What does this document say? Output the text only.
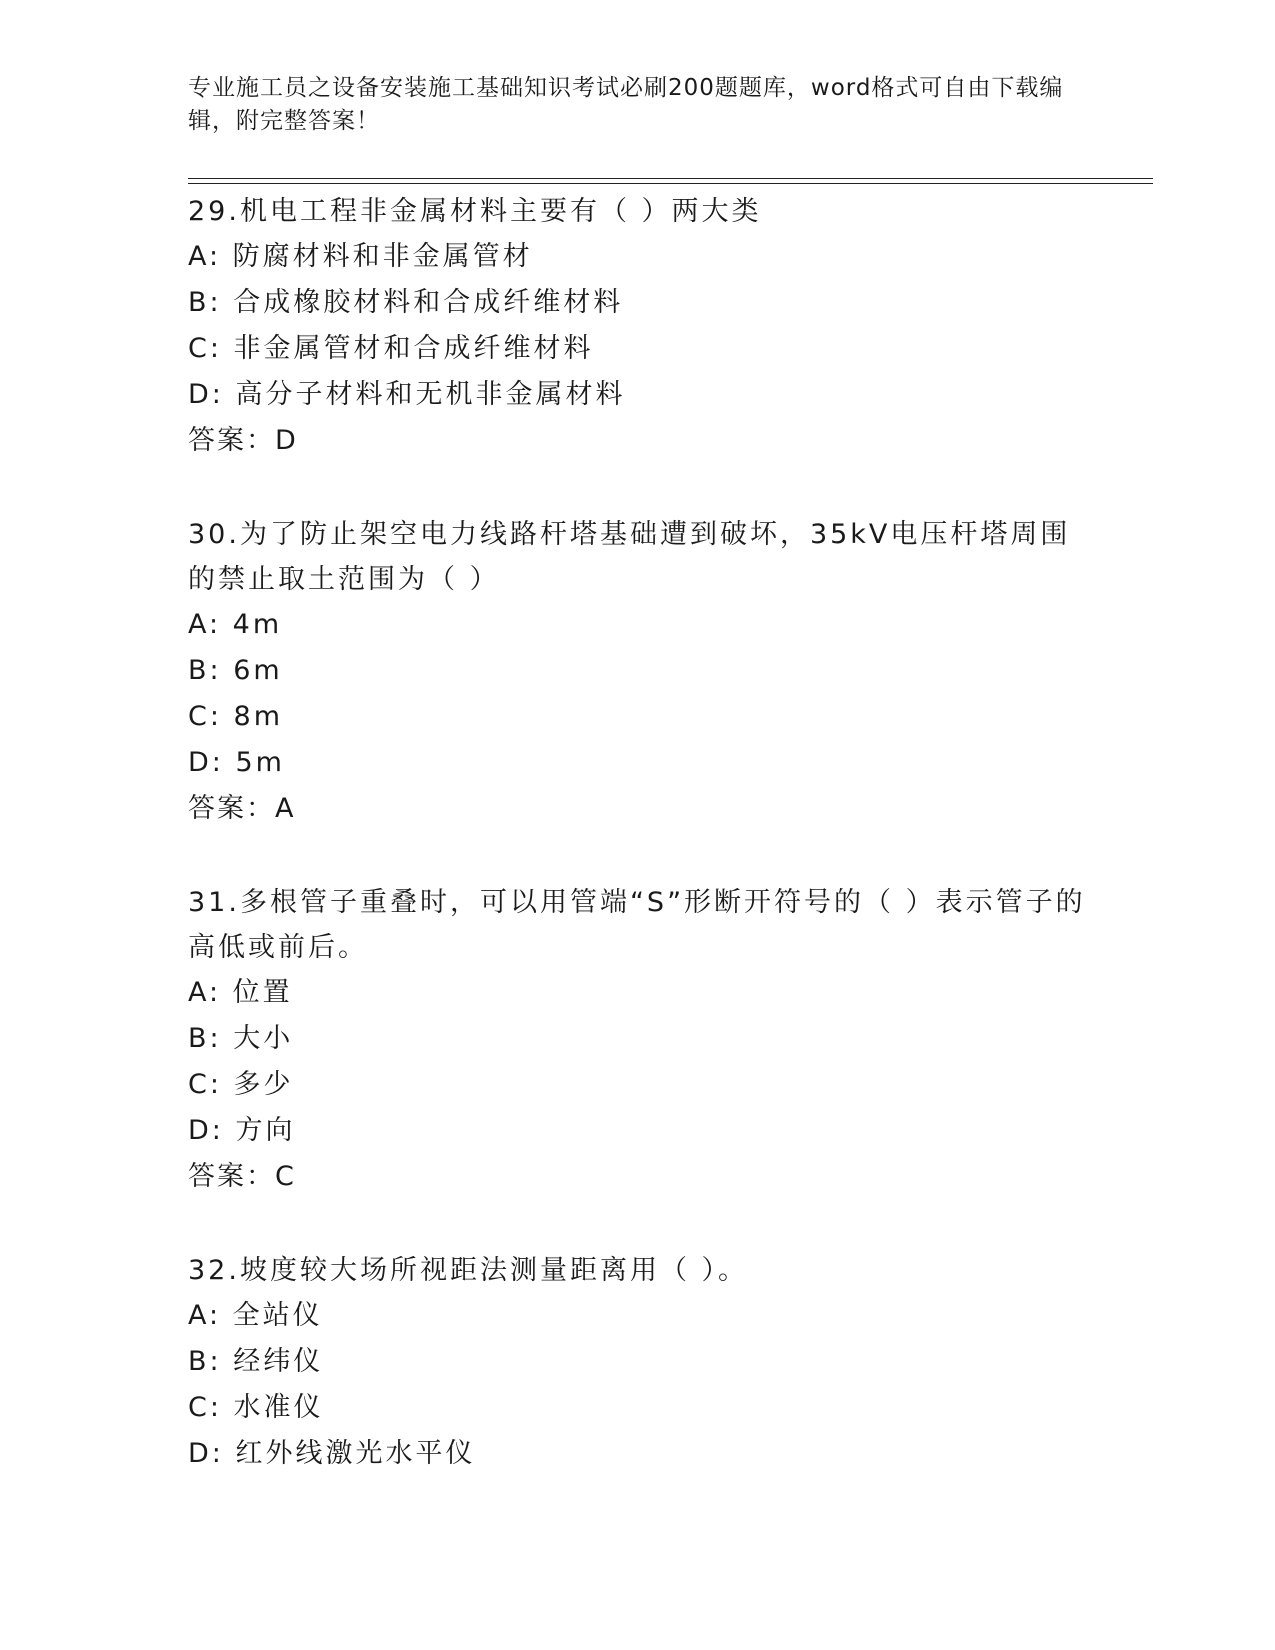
专业施工员之设备安装施工基础知识考试必刷200题题库，word格式可自由下载编辑，附完整答案！

29.机电工程非金属材料主要有（ ）两大类

A: 防腐材料和非金属管材

B: 合成橡胶材料和合成纤维材料

C: 非金属管材和合成纤维材料

D: 高分子材料和无机非金属材料

答案：D

30.为了防止架空电力线路杆塔基础遭到破坏，35kV电压杆塔周围的禁止取土范围为（ ）

A: 4m

B: 6m

C: 8m

D: 5m

答案：A

31.多根管子重叠时，可以用管端“S”形断开符号的（ ）表示管子的高低或前后。

A: 位置

B: 大小

C: 多少

D: 方向

答案：C

32.坡度较大场所视距法测量距离用（ ）。

A: 全站仪

B: 经纬仪

C: 水准仪

D: 红外线激光水平仪
